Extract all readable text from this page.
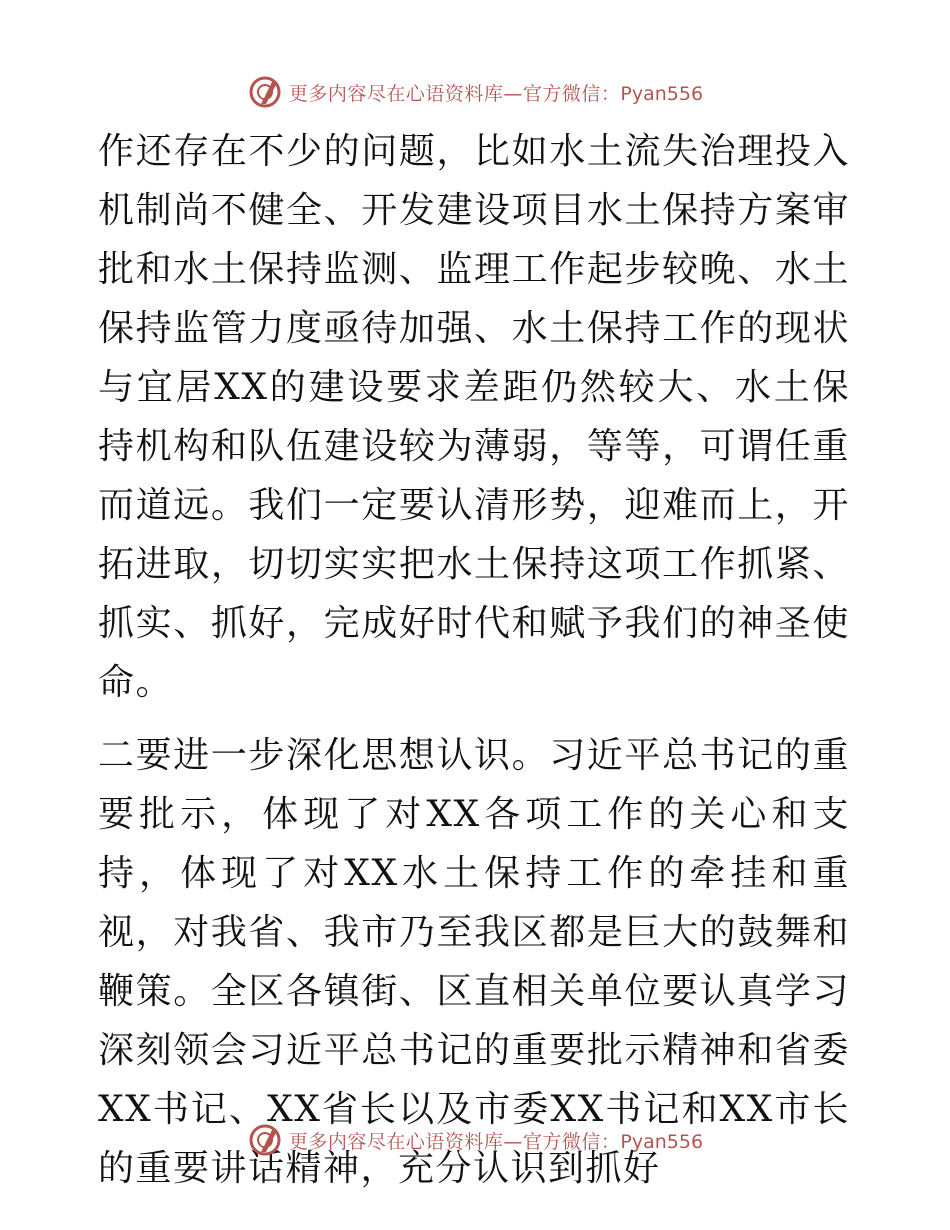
更多内容尽在心语资料库—官方微信：Pyan556

作还存在不少的问题，比如水土流失治理投入机制尚不健全、开发建设项目水土保持方案审批和水土保持监测、监理工作起步较晚、水土保持监管力度亟待加强、水土保持工作的现状与宜居XX的建设要求差距仍然较大、水土保持机构和队伍建设较为薄弱，等等，可谓任重而道远。我们一定要认清形势，迎难而上，开拓进取，切切实实把水土保持这项工作抓紧、抓实、抓好，完成好时代和赋予我们的神圣使命。

二要进一步深化思想认识。习近平总书记的重要批示，体现了对XX各项工作的关心和支持，体现了对XX水土保持工作的牵挂和重视，对我省、我市乃至我区都是巨大的鼓舞和鞭策。全区各镇街、区直相关单位要认真学习深刻领会习近平总书记的重要批示精神和省委XX书记、XX省长以及市委XX书记和XX市长的重要讲话精神，充分认识到抓好

更多内容尽在心语资料库—官方微信：Pyan556
